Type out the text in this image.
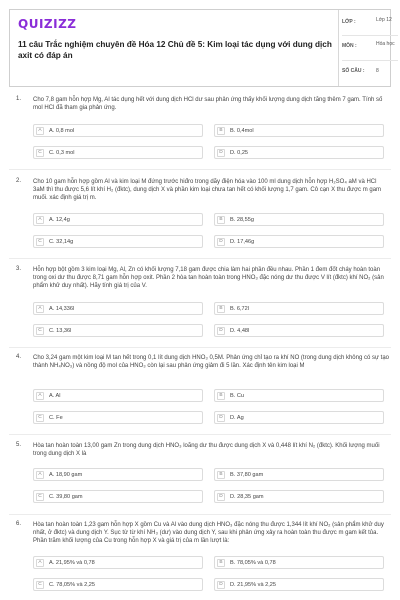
QUIZIZZ
11 câu Trắc nghiệm chuyên đề Hóa 12 Chủ đề 5: Kim loại tác dụng với dung dịch axit có đáp án
LỚP :	Lớp 12
MÔN :	Hóa học
SỐ CÂU : 8
1. Cho 7,8 gam hỗn hợp Mg, Al tác dụng hết với dung dịch HCl dư sau phản ứng thấy khối lượng dung dịch tăng thêm 7 gam. Tính số mol HCl đã tham gia phản ứng.
A	A. 0,8 mol	B	B. 0,4mol
C	C. 0,3 mol	D	D. 0,25
2. Cho 10 gam hỗn hợp gồm Al và kim loại M đứng trước hiđro trong dãy điện hóa vào 100 ml dung dịch hỗn hợp H₂SO₄ aM và HCl 3aM thì thu được 5,6 lít khí H₂ (đktc), dung dịch X và phần kim loại chưa tan hết có khối lượng 1,7 gam. Cô cạn X thu được m gam muối. xác định giá trị m.
A	A. 12,4g	B	B. 28,55g
C	C. 32,14g	D	D. 17,46g
3. Hỗn hợp bột gồm 3 kim loại Mg, Al, Zn có khối lượng 7,18 gam được chia làm hai phần đều nhau. Phần 1 đem đốt cháy hoàn toàn trong oxi dư thu được 8,71 gam hỗn hợp oxit. Phần 2 hòa tan hoàn toàn trong HNO₃ đặc nóng dư thu được V lít (đktc) khí NO₂ (sản phẩm khử duy nhất). Hãy tính giá trị của V.
A	A. 14,336l	B	B. 6,72l
C	C. 13,36l	D	D. 4,48l
4. Cho 3,24 gam một kim loại M tan hết trong 0,1 lít dung dịch HNO₃ 0,5M. Phản ứng chỉ tạo ra khí NO (trong dung dịch không có sự tạo thành NH₄NO₃) và nồng độ mol của HNO₃ còn lại sau phản ứng giảm đi 5 lần. Xác định tên kim loại M
A	A. Al	B	B. Cu
C	C. Fe	D	D. Ag
5. Hòa tan hoàn toàn 13,00 gam Zn trong dung dịch HNO₃ loãng dư thu được dung dịch X và 0,448 lít khí N₂ (đktc). Khối lượng muối trong dung dịch X là
A	A. 18,90 gam	B	B. 37,80 gam
C	C. 39,80 gam	D	D. 28,35 gam
6. Hòa tan hoàn toàn 1,23 gam hỗn hợp X gồm Cu và Al vào dung dịch HNO₃ đặc nóng thu được 1,344 lít khí NO₂ (sản phẩm khử duy nhất, ở đktc) và dung dịch Y. Sục từ từ khí NH₃ (dư) vào dung dịch Y, sau khi phản ứng xảy ra hoàn toàn thu được m gam kết tủa. Phần trăm khối lượng của Cu trong hỗn hợp X và giá trị của m lần lượt là:
A	A. 21,95% và 0,78	B	B. 78,05% và 0,78
C	C. 78,05% và 2,25	D	D. 21,95% và 2,25
